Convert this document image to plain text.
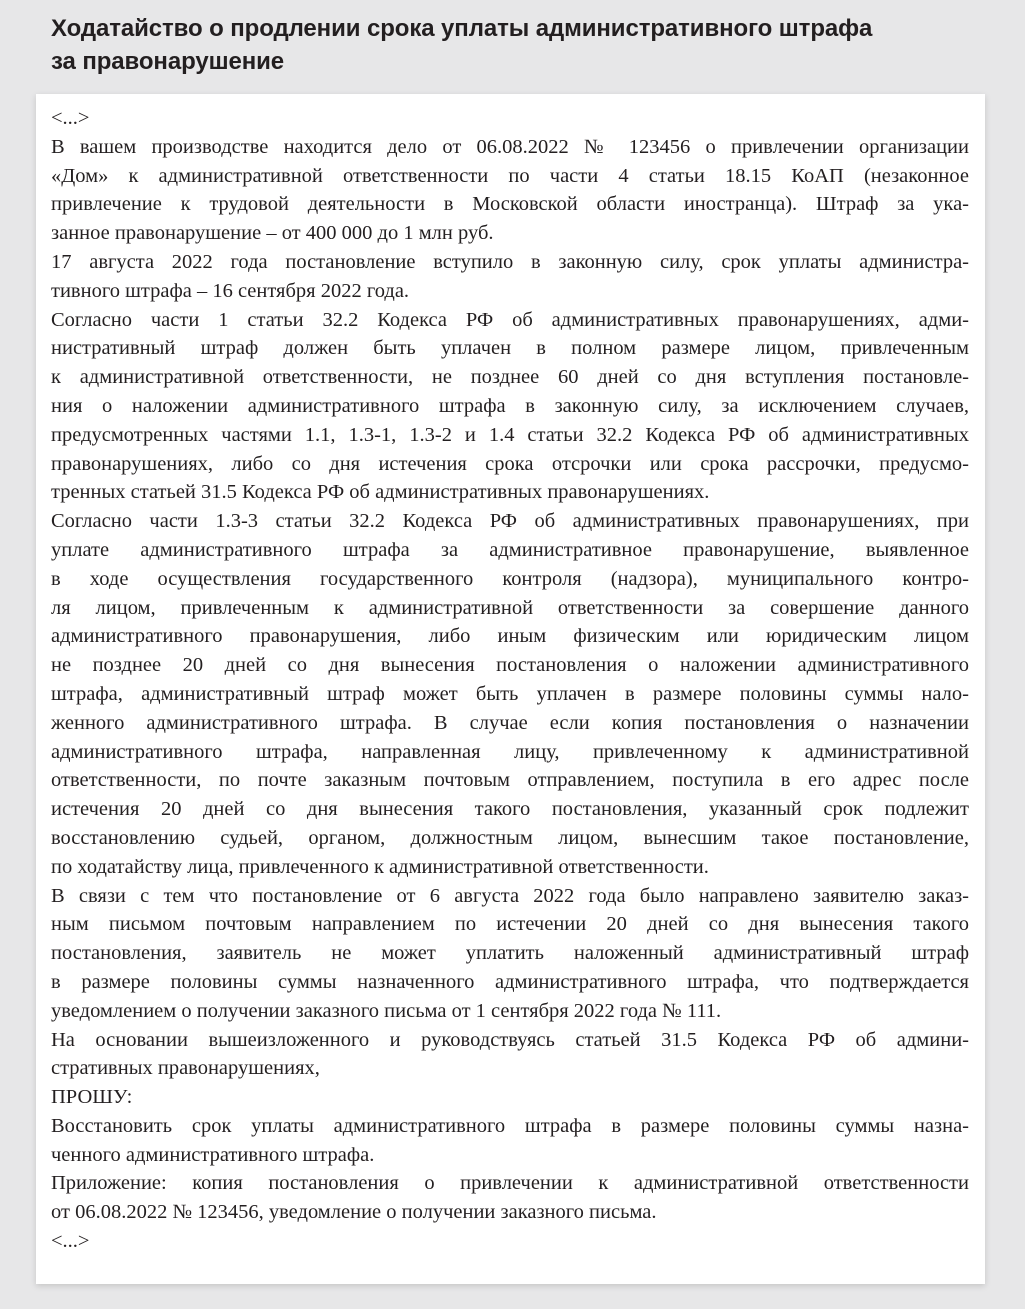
Ходатайство о продлении срока уплаты административного штрафа
за правонарушение
<...>
В вашем производстве находится дело от 06.08.2022 № 123456 о привлечении организации
«Дом» к административной ответственности по части 4 статьи 18.15 КоАП (незаконное
привлечение к трудовой деятельности в Московской области иностранца). Штраф за ука-
занное правонарушение – от 400 000 до 1 млн руб.
17 августа 2022 года постановление вступило в законную силу, срок уплаты администра-
тивного штрафа – 16 сентября 2022 года.
Согласно части 1 статьи 32.2 Кодекса РФ об административных правонарушениях, адми-
нистративный штраф должен быть уплачен в полном размере лицом, привлеченным
к административной ответственности, не позднее 60 дней со дня вступления постановле-
ния о наложении административного штрафа в законную силу, за исключением случаев,
предусмотренных частями 1.1, 1.3-1, 1.3-2 и 1.4 статьи 32.2 Кодекса РФ об административных
правонарушениях, либо со дня истечения срока отсрочки или срока рассрочки, предусмо-
тренных статьей 31.5 Кодекса РФ об административных правонарушениях.
Согласно части 1.3-3 статьи 32.2 Кодекса РФ об административных правонарушениях, при
уплате административного штрафа за административное правонарушение, выявленное
в ходе осуществления государственного контроля (надзора), муниципального контро-
ля лицом, привлеченным к административной ответственности за совершение данного
административного правонарушения, либо иным физическим или юридическим лицом
не позднее 20 дней со дня вынесения постановления о наложении административного
штрафа, административный штраф может быть уплачен в размере половины суммы нало-
женного административного штрафа. В случае если копия постановления о назначении
административного штрафа, направленная лицу, привлеченному к административной
ответственности, по почте заказным почтовым отправлением, поступила в его адрес после
истечения 20 дней со дня вынесения такого постановления, указанный срок подлежит
восстановлению судьей, органом, должностным лицом, вынесшим такое постановление,
по ходатайству лица, привлеченного к административной ответственности.
В связи с тем что постановление от 6 августа 2022 года было направлено заявителю заказ-
ным письмом почтовым направлением по истечении 20 дней со дня вынесения такого
постановления, заявитель не может уплатить наложенный административный штраф
в размере половины суммы назначенного административного штрафа, что подтверждается
уведомлением о получении заказного письма от 1 сентября 2022 года № 111.
На основании вышеизложенного и руководствуясь статьей 31.5 Кодекса РФ об админи-
стративных правонарушениях,
ПРОШУ:
Восстановить срок уплаты административного штрафа в размере половины суммы назна-
ченного административного штрафа.
Приложение: копия постановления о привлечении к административной ответственности
от 06.08.2022 № 123456, уведомление о получении заказного письма.
<...>
